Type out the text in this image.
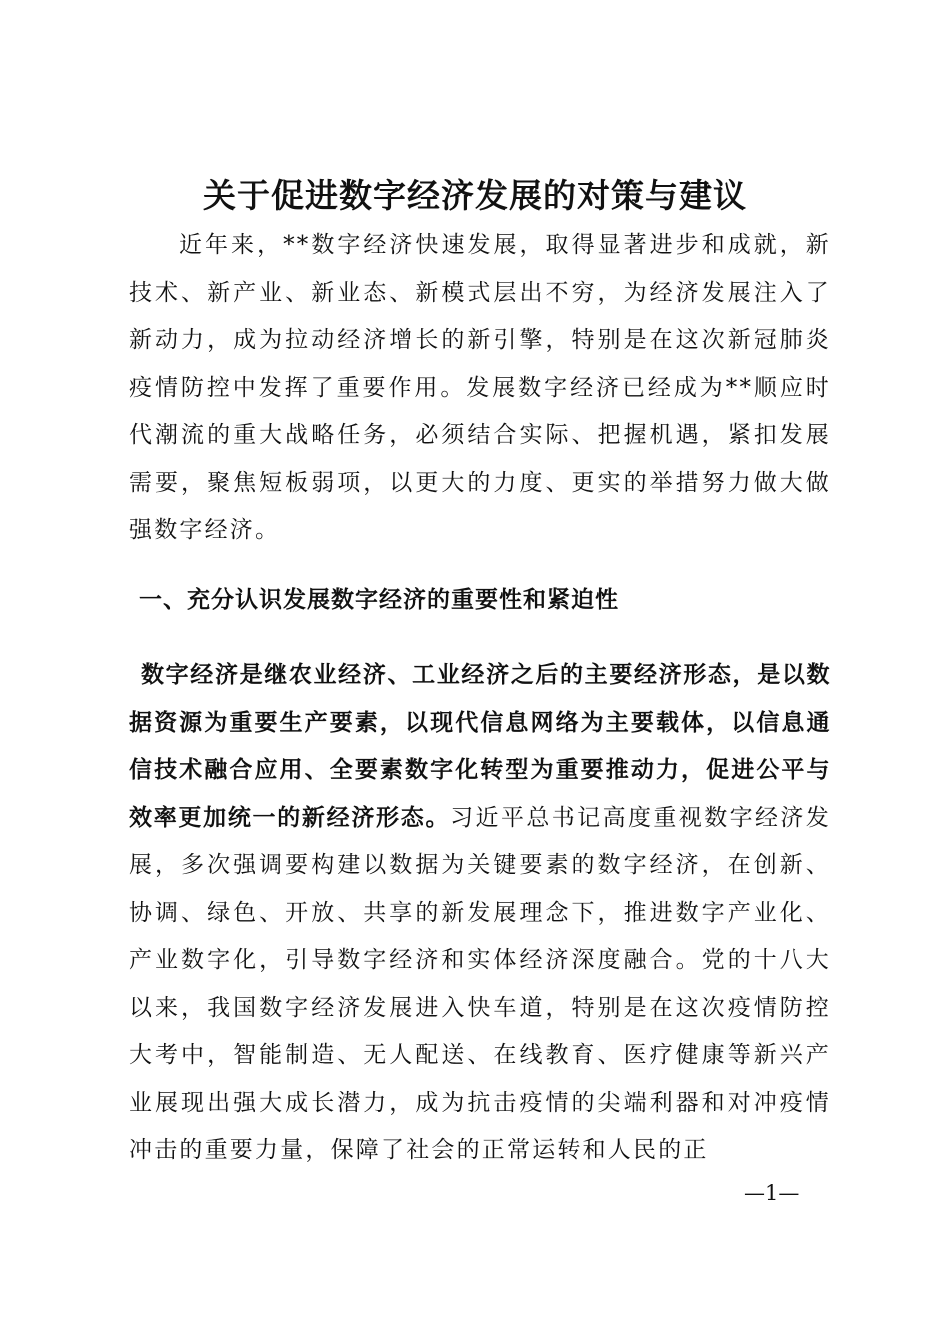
关于促进数字经济发展的对策与建议

近年来，**数字经济快速发展，取得显著进步和成就，新技术、新产业、新业态、新模式层出不穷，为经济发展注入了新动力，成为拉动经济增长的新引擎，特别是在这次新冠肺炎疫情防控中发挥了重要作用。发展数字经济已经成为**顺应时代潮流的重大战略任务，必须结合实际、把握机遇，紧扣发展需要，聚焦短板弱项，以更大的力度、更实的举措努力做大做强数字经济。

一、充分认识发展数字经济的重要性和紧迫性

数字经济是继农业经济、工业经济之后的主要经济形态，是以数据资源为重要生产要素，以现代信息网络为主要载体，以信息通信技术融合应用、全要素数字化转型为重要推动力，促进公平与效率更加统一的新经济形态。习近平总书记高度重视数字经济发展，多次强调要构建以数据为关键要素的数字经济，在创新、协调、绿色、开放、共享的新发展理念下，推进数字产业化、产业数字化，引导数字经济和实体经济深度融合。党的十八大以来，我国数字经济发展进入快车道，特别是在这次疫情防控大考中，智能制造、无人配送、在线教育、医疗健康等新兴产业展现出强大成长潜力，成为抗击疫情的尖端利器和对冲疫情冲击的重要力量，保障了社会的正常运转和人民的正

—1—
